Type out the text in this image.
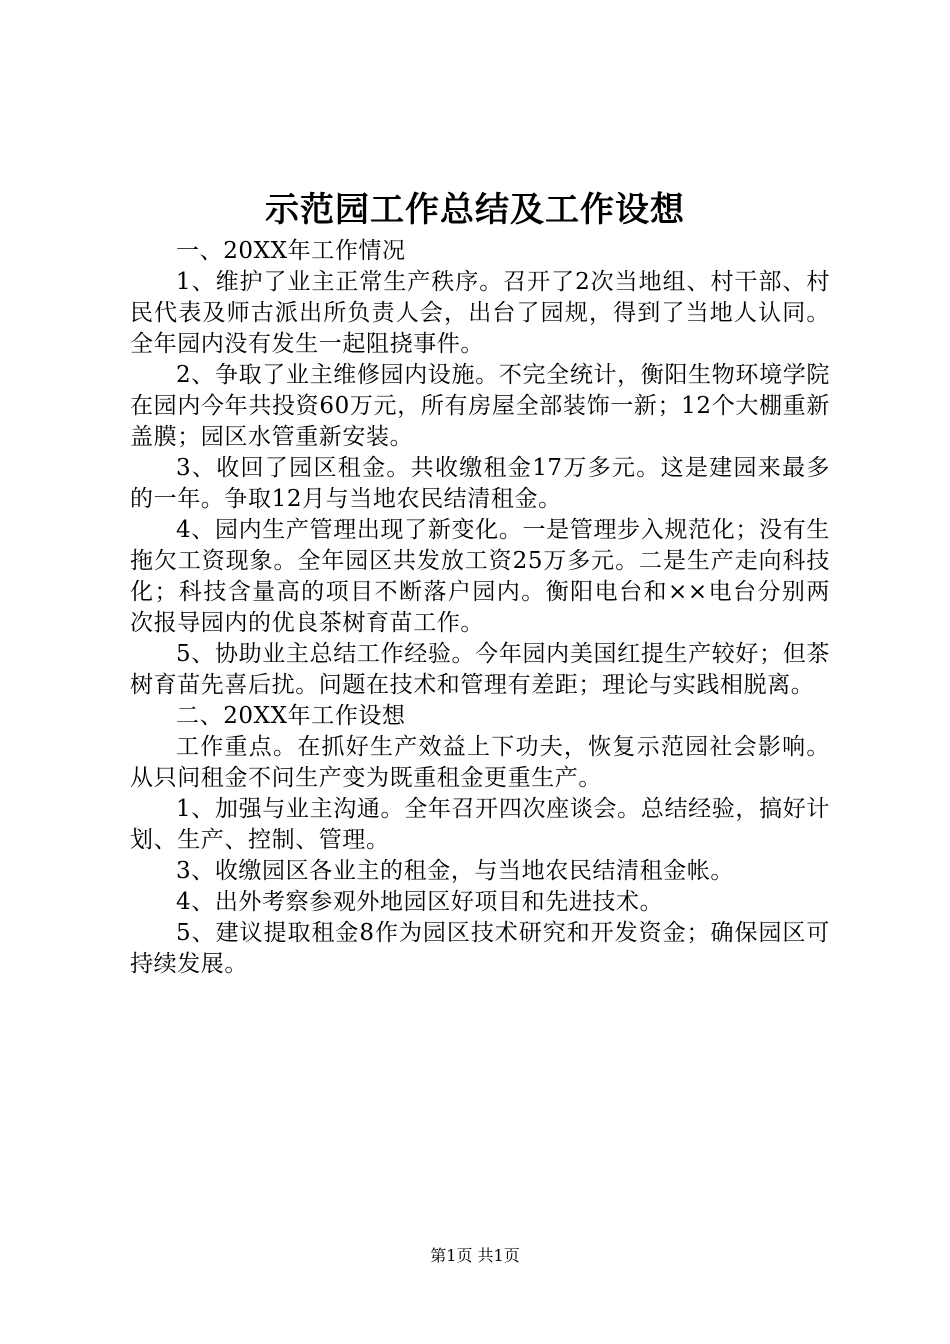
示范园工作总结及工作设想

一、20XX年工作情况

1、维护了业主正常生产秩序。召开了2次当地组、村干部、村民代表及师古派出所负责人会，出台了园规，得到了当地人认同。全年园内没有发生一起阻挠事件。

2、争取了业主维修园内设施。不完全统计，衡阳生物环境学院在园内今年共投资60万元，所有房屋全部装饰一新；12个大棚重新盖膜；园区水管重新安装。

3、收回了园区租金。共收缴租金17万多元。这是建园来最多的一年。争取12月与当地农民结清租金。

4、园内生产管理出现了新变化。一是管理步入规范化；没有生拖欠工资现象。全年园区共发放工资25万多元。二是生产走向科技化；科技含量高的项目不断落户园内。衡阳电台和××电台分别两次报导园内的优良茶树育苗工作。

5、协助业主总结工作经验。今年园内美国红提生产较好；但茶树育苗先喜后扰。问题在技术和管理有差距；理论与实践相脱离。

二、20XX年工作设想

工作重点。在抓好生产效益上下功夫，恢复示范园社会影响。从只问租金不问生产变为既重租金更重生产。

1、加强与业主沟通。全年召开四次座谈会。总结经验，搞好计划、生产、控制、管理。

3、收缴园区各业主的租金，与当地农民结清租金帐。

4、出外考察参观外地园区好项目和先进技术。

5、建议提取租金8作为园区技术研究和开发资金；确保园区可持续发展。

第1页 共1页
